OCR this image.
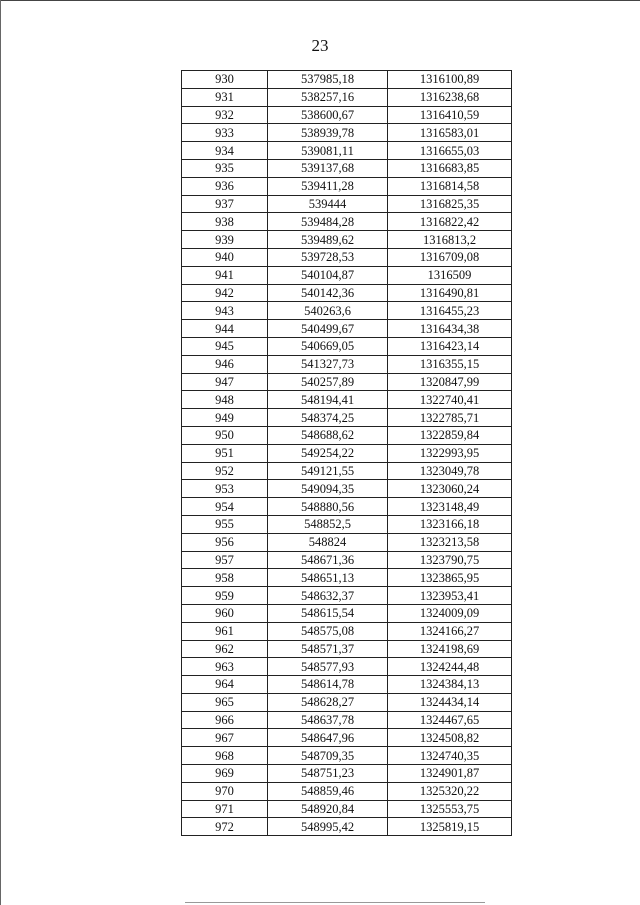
23
930	537985,18	1316100,89
931	538257,16	1316238,68
932	538600,67	1316410,59
933	538939,78	1316583,01
934	539081,11	1316655,03
935	539137,68	1316683,85
936	539411,28	1316814,58
937	539444	1316825,35
938	539484,28	1316822,42
939	539489,62	1316813,2
940	539728,53	1316709,08
941	540104,87	1316509
942	540142,36	1316490,81
943	540263,6	1316455,23
944	540499,67	1316434,38
945	540669,05	1316423,14
946	541327,73	1316355,15
947	540257,89	1320847,99
948	548194,41	1322740,41
949	548374,25	1322785,71
950	548688,62	1322859,84
951	549254,22	1322993,95
952	549121,55	1323049,78
953	549094,35	1323060,24
954	548880,56	1323148,49
955	548852,5	1323166,18
956	548824	1323213,58
957	548671,36	1323790,75
958	548651,13	1323865,95
959	548632,37	1323953,41
960	548615,54	1324009,09
961	548575,08	1324166,27
962	548571,37	1324198,69
963	548577,93	1324244,48
964	548614,78	1324384,13
965	548628,27	1324434,14
966	548637,78	1324467,65
967	548647,96	1324508,82
968	548709,35	1324740,35
969	548751,23	1324901,87
970	548859,46	1325320,22
971	548920,84	1325553,75
972	548995,42	1325819,15
